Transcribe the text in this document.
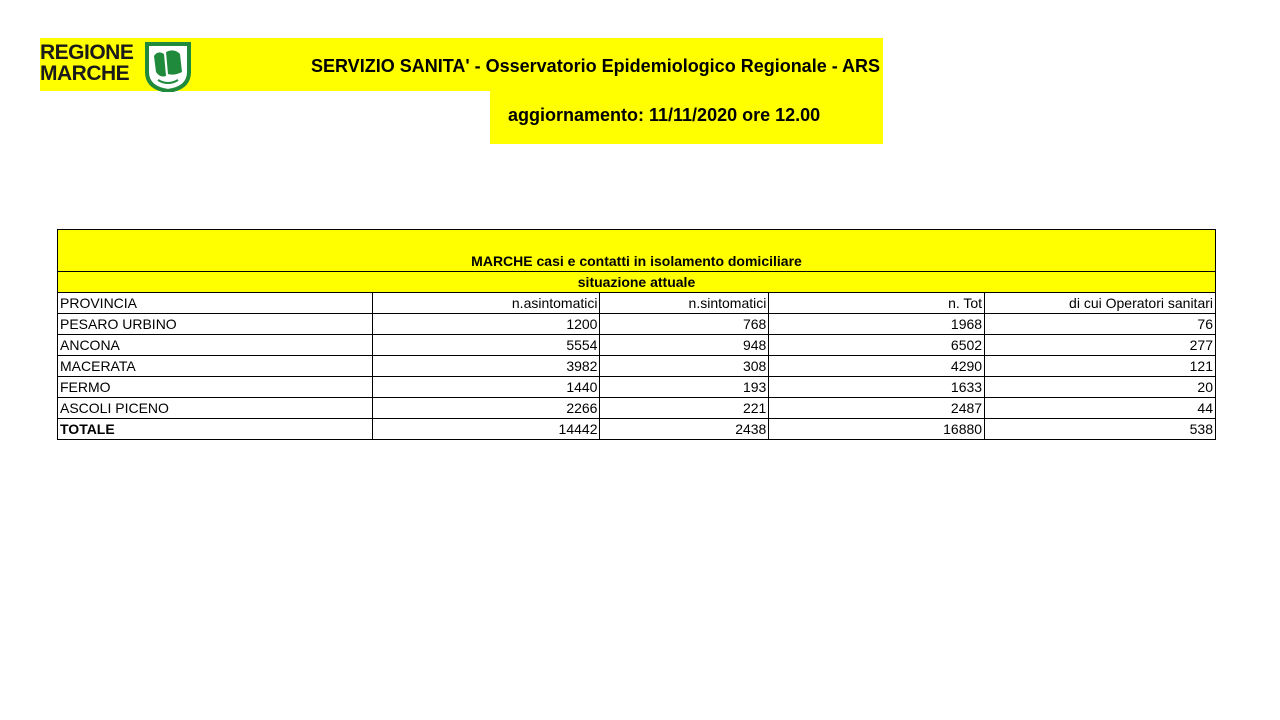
REGIONE
MARCHE	SERVIZIO SANITA' - Osservatorio Epidemiologico Regionale - ARS
aggiornamento: 11/11/2020 ore 12.00
MARCHE casi e contatti in isolamento domiciliare				
situazione attuale				
PROVINCIA	n.asintomatici	n.sintomatici	n. Tot	di cui Operatori sanitari
PESARO URBINO	1200	768	1968	76
ANCONA	5554	948	6502	277
MACERATA	3982	308	4290	121
FERMO	1440	193	1633	20
ASCOLI PICENO	2266	221	2487	44
TOTALE	14442	2438	16880	538
